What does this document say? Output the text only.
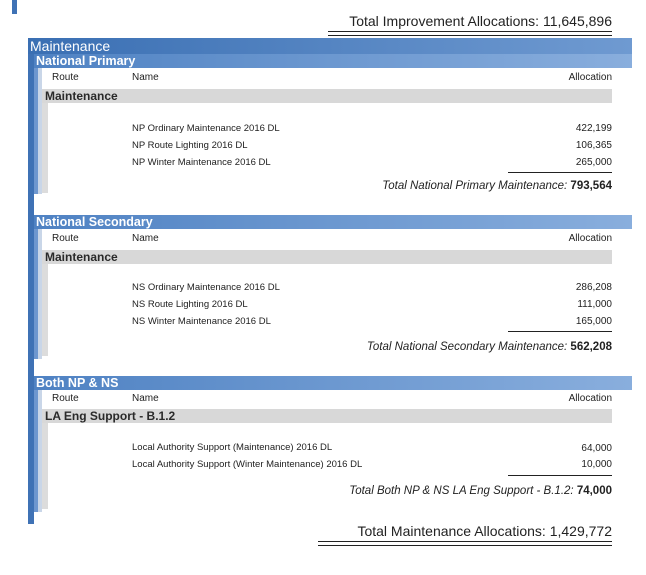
Total Improvement Allocations: 11,645,896
Maintenance
National Primary
Route	Name	Allocation
Maintenance
NP Ordinary Maintenance 2016 DL	422,199
NP Route Lighting 2016 DL	106,365
NP Winter Maintenance 2016 DL	265,000
Total National Primary Maintenance: 793,564
National Secondary
Route	Name	Allocation
Maintenance
NS Ordinary Maintenance 2016 DL	286,208
NS Route Lighting 2016 DL	111,000
NS Winter Maintenance 2016 DL	165,000
Total National Secondary Maintenance: 562,208
Both NP & NS
Route	Name	Allocation
LA Eng Support - B.1.2
Local Authority Support (Maintenance) 2016 DL	64,000
Local Authority Support (Winter Maintenance) 2016 DL	10,000
Total Both NP & NS LA Eng Support - B.1.2: 74,000
Total Maintenance Allocations: 1,429,772
